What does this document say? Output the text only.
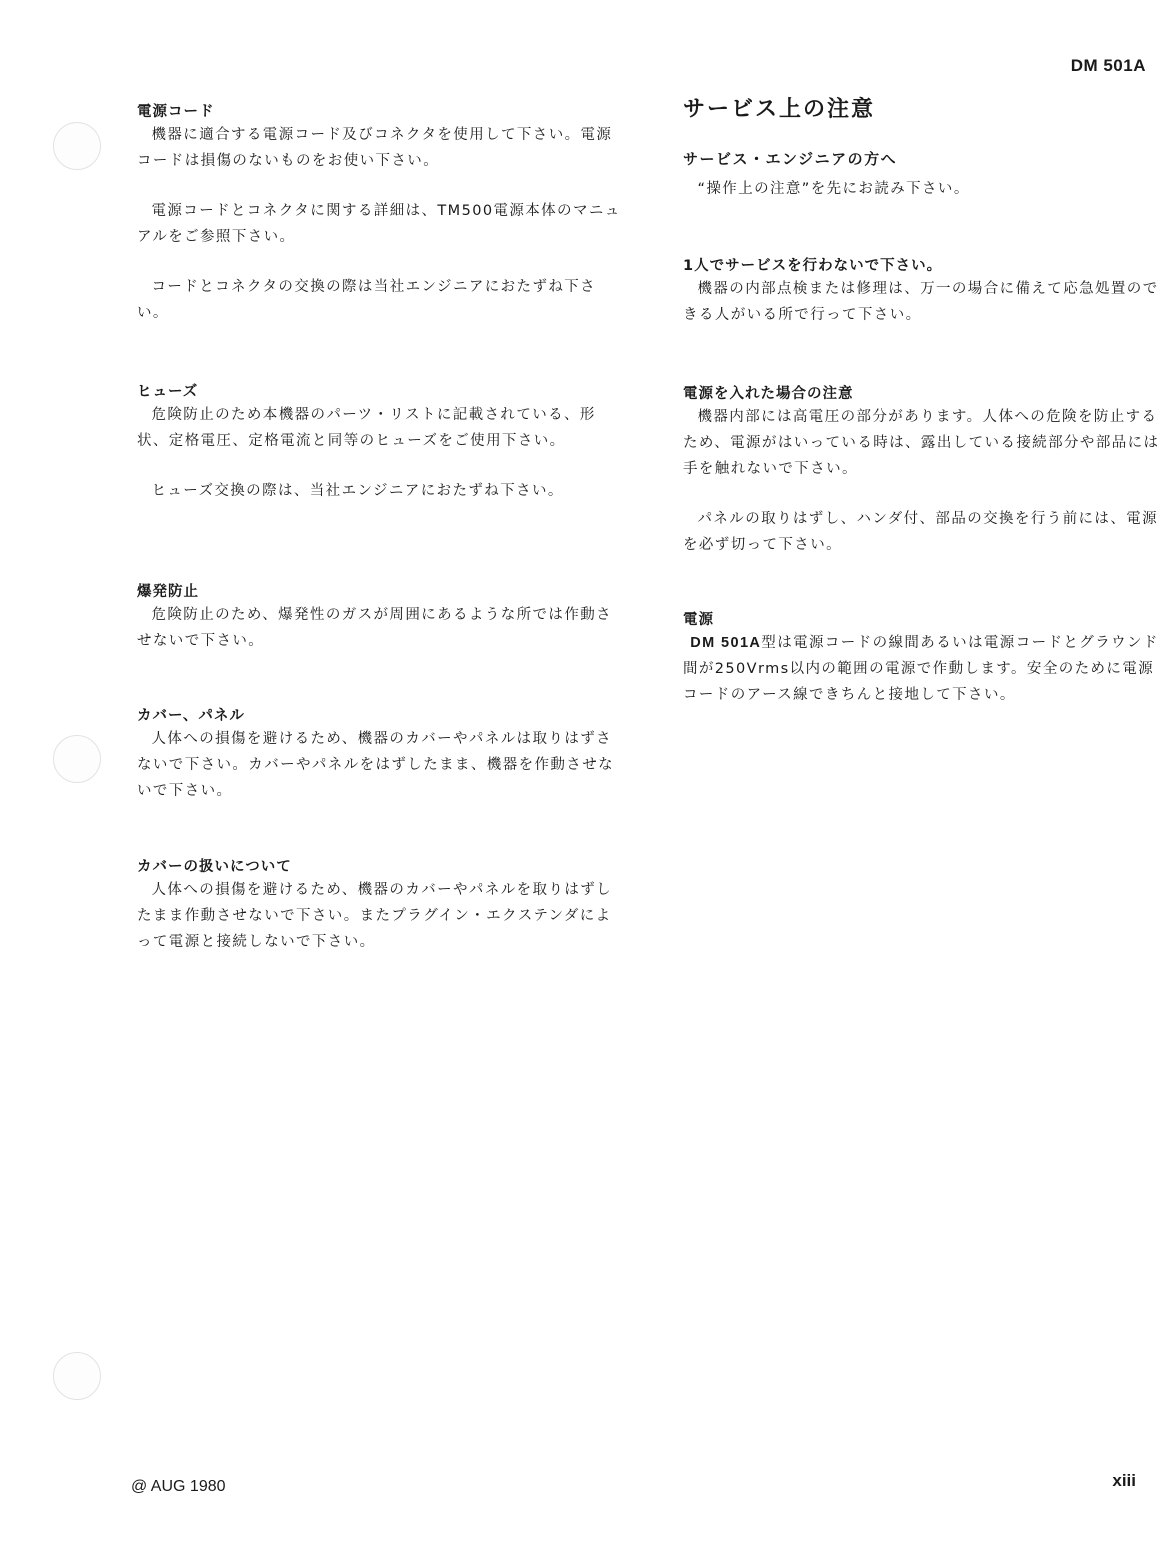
DM 501A
電源コード

機器に適合する電源コード及びコネクタを使用して下さい。電源コードは損傷のないものをお使い下さい。

電源コードとコネクタに関する詳細は、TM500電源本体のマニュアルをご参照下さい。

コードとコネクタの交換の際は当社エンジニアにおたずね下さい。

ヒューズ

危険防止のため本機器のパーツ・リストに記載されている、形状、定格電圧、定格電流と同等のヒューズをご使用下さい。

ヒューズ交換の際は、当社エンジニアにおたずね下さい。

爆発防止

危険防止のため、爆発性のガスが周囲にあるような所では作動させないで下さい。

カバー、パネル

人体への損傷を避けるため、機器のカバーやパネルは取りはずさないで下さい。カバーやパネルをはずしたまま、機器を作動させないで下さい。

カバーの扱いについて

人体への損傷を避けるため、機器のカバーやパネルを取りはずしたまま作動させないで下さい。またプラグイン・エクステンダによって電源と接続しないで下さい。

サービス上の注意
サービス・エンジニアの方へ

“操作上の注意”を先にお読み下さい。

1人でサービスを行わないで下さい。

機器の内部点検または修理は、万一の場合に備えて応急処置のできる人がいる所で行って下さい。

電源を入れた場合の注意

機器内部には高電圧の部分があります。人体への危険を防止するため、電源がはいっている時は、露出している接続部分や部品には手を触れないで下さい。

パネルの取りはずし、ハンダ付、部品の交換を行う前には、電源を必ず切って下さい。

電源

DM 501A型は電源コードの線間あるいは電源コードとグラウンド間が250Vrms以内の範囲の電源で作動します。安全のために電源コードのアース線できちんと接地して下さい。

@ AUG 1980	xiii
